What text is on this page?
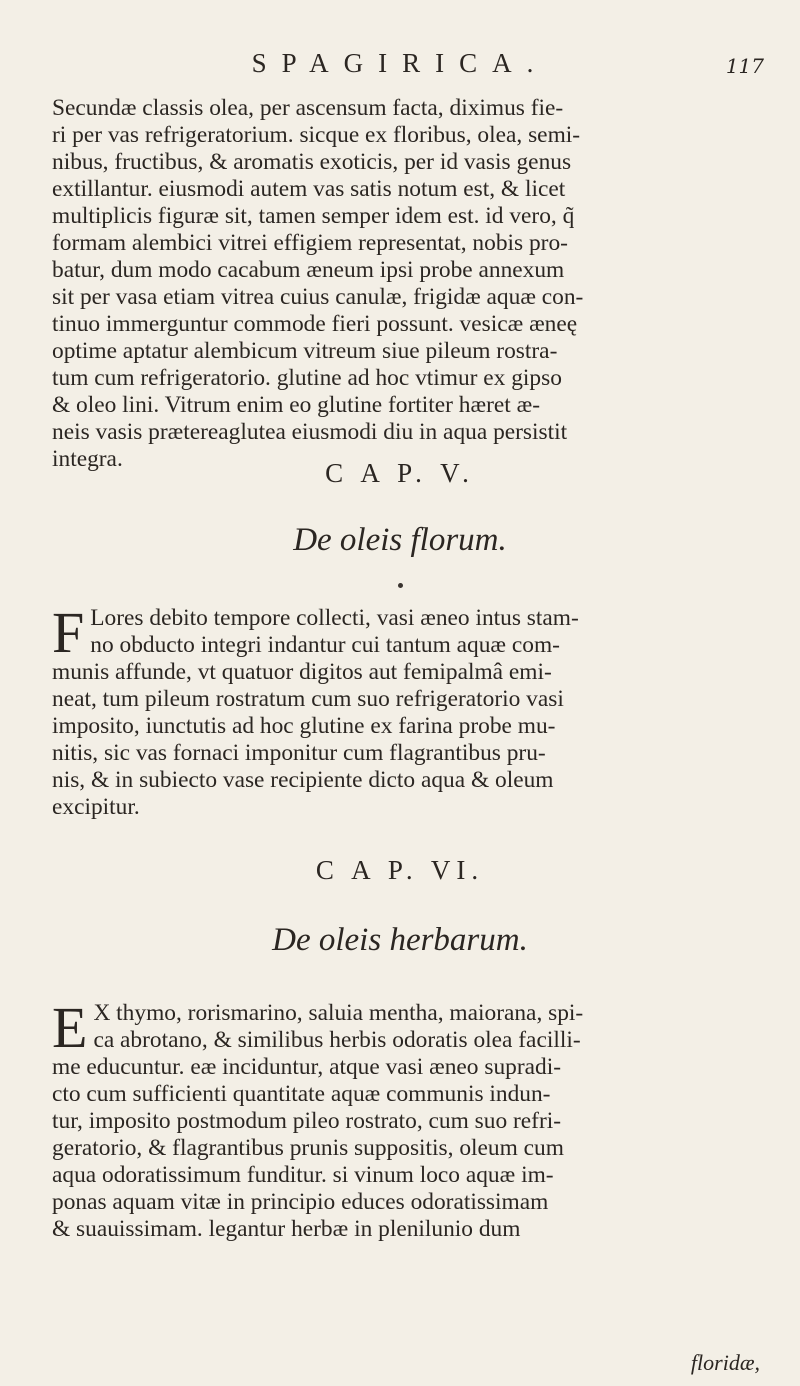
SPAGIRICA.	117
Secundæ classis olea, per ascensum facta, diximus fie-
ri per vas refrigeratorium. sicque ex floribus, olea, semi-
nibus, fructibus, & aromatis exoticis, per id vasis genus
extillantur. eiusmodi autem vas satis notum est, & licet
multiplicis figuræ sit, tamen semper idem est. id vero, q̃
formam alembici vitrei effigiem representat, nobis pro-
batur, dum modo cacabum æneum ipsi probe annexum
sit per vasa etiam vitrea cuius canulæ, frigidæ aquæ con-
tinuo immerguntur commode fieri possunt. vesicæ æneę
optime aptatur alembicum vitreum siue pileum rostra-
tum cum refrigeratorio. glutine ad hoc vtimur ex gipso
& oleo lini. Vitrum enim eo glutine fortiter hæret æ-
neis vasis prætereaglutea eiusmodi diu in aqua persistit
integra.	C A P. V.
De oleis florum.
F Lores debito tempore collecti, vasi æneo intus stam-
no obducto integri indantur cui tantum aquæ com-
munis affunde, vt quatuor digitos aut femipalmâ emi-
neat, tum pileum rostratum cum suo refrigeratorio vasi
imposito, iunctutis ad hoc glutine ex farina probe mu-
nitis, sic vas fornaci imponitur cum flagrantibus pru-
nis, & in subiecto vase recipiente dicto aqua & oleum
excipitur.
C A P. VI.
De oleis herbarum.
E X thymo, rorismarino, saluia mentha, maiorana, spi-
ca abrotano, & similibus herbis odoratis olea facilli-
me educuntur. eæ inciduntur, atque vasi æneo supradi-
cto cum sufficienti quantitate aquæ communis indun-
tur, imposito postmodum pileo rostrato, cum suo refri-
geratorio, & flagrantibus prunis suppositis, oleum cum
aqua odoratissimum funditur. si vinum loco aquæ im-
ponas aquam vitæ in principio educes odoratissimam
& suauissimam. legantur herbæ in plenilunio dum
floridæ,
